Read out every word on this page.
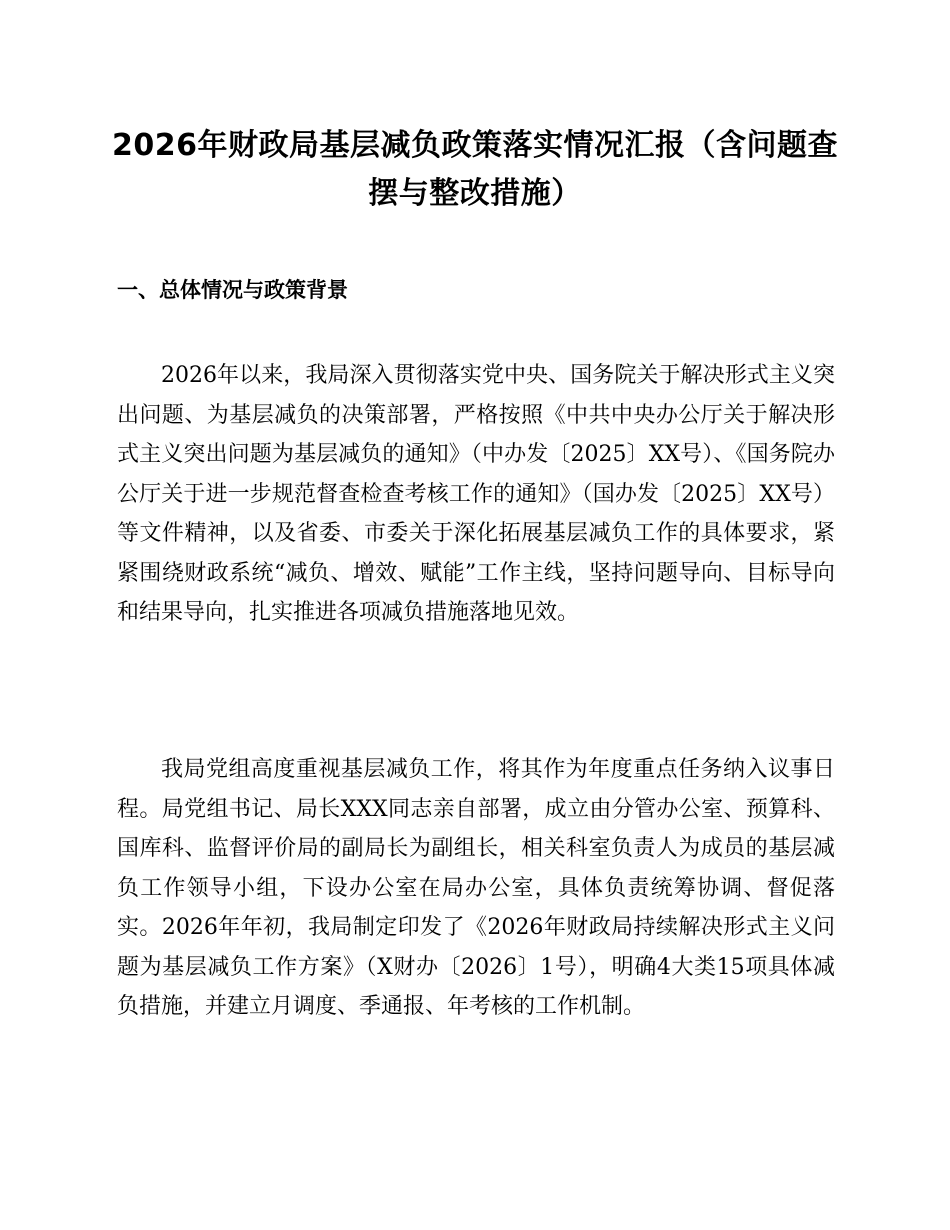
2026年财政局基层减负政策落实情况汇报（含问题查摆与整改措施）
一、总体情况与政策背景

2026年以来，我局深入贯彻落实党中央、国务院关于解决形式主义突出问题、为基层减负的决策部署，严格按照《中共中央办公厅关于解决形式主义突出问题为基层减负的通知》（中办发〔2025〕XX号）、《国务院办公厅关于进一步规范督查检查考核工作的通知》（国办发〔2025〕XX号）等文件精神，以及省委、市委关于深化拓展基层减负工作的具体要求，紧紧围绕财政系统“减负、增效、赋能”工作主线，坚持问题导向、目标导向和结果导向，扎实推进各项减负措施落地见效。

我局党组高度重视基层减负工作，将其作为年度重点任务纳入议事日程。局党组书记、局长XXX同志亲自部署，成立由分管办公室、预算科、国库科、监督评价局的副局长为副组长，相关科室负责人为成员的基层减负工作领导小组，下设办公室在局办公室，具体负责统筹协调、督促落实。2026年年初，我局制定印发了《2026年财政局持续解决形式主义问题为基层减负工作方案》（X财办〔2026〕1号），明确4大类15项具体减负措施，并建立月调度、季通报、年考核的工作机制。
